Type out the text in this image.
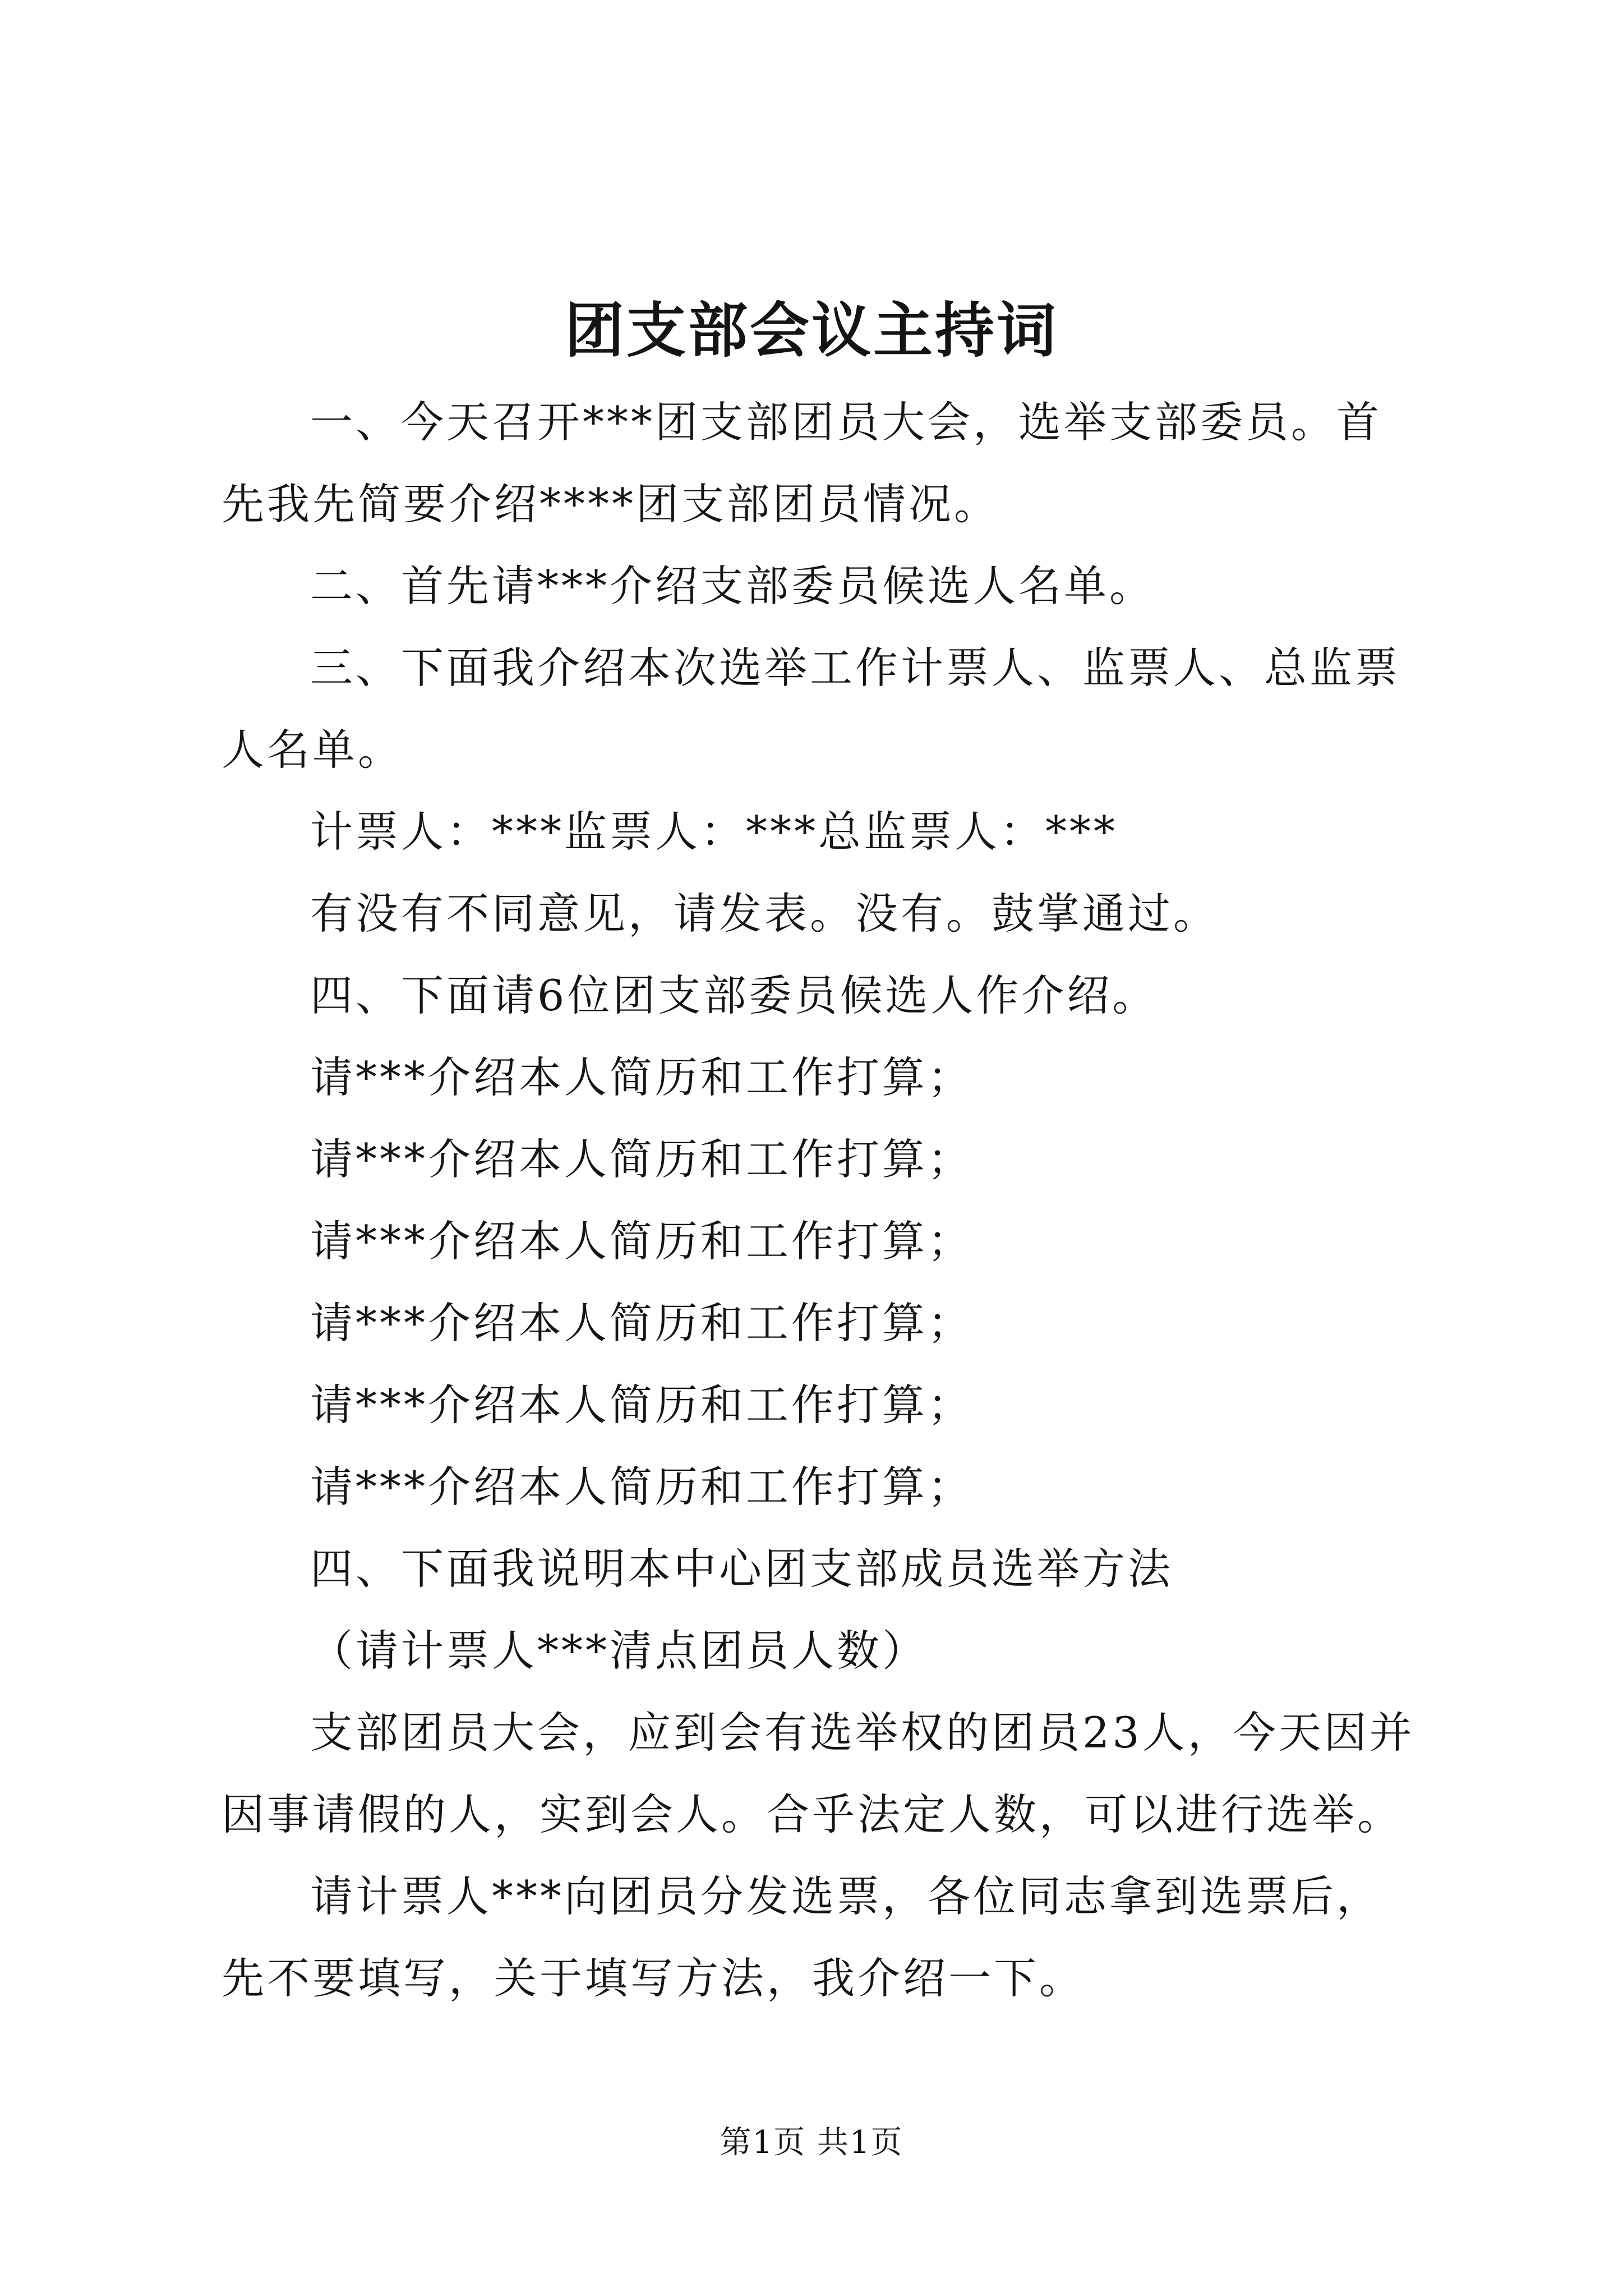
团支部会议主持词

一、今天召开***团支部团员大会，选举支部委员。首先我先简要介绍****团支部团员情况。

二、首先请***介绍支部委员候选人名单。

三、下面我介绍本次选举工作计票人、监票人、总监票人名单。

计票人：***监票人：***总监票人：***

有没有不同意见，请发表。没有。鼓掌通过。

四、下面请6位团支部委员候选人作介绍。

请***介绍本人简历和工作打算；

请***介绍本人简历和工作打算；

请***介绍本人简历和工作打算；

请***介绍本人简历和工作打算；

请***介绍本人简历和工作打算；

请***介绍本人简历和工作打算；

四、下面我说明本中心团支部成员选举方法

（请计票人***清点团员人数）

支部团员大会，应到会有选举权的团员23人，今天因并因事请假的人，实到会人。合乎法定人数，可以进行选举。

请计票人***向团员分发选票，各位同志拿到选票后，先不要填写，关于填写方法，我介绍一下。

第1页 共1页
